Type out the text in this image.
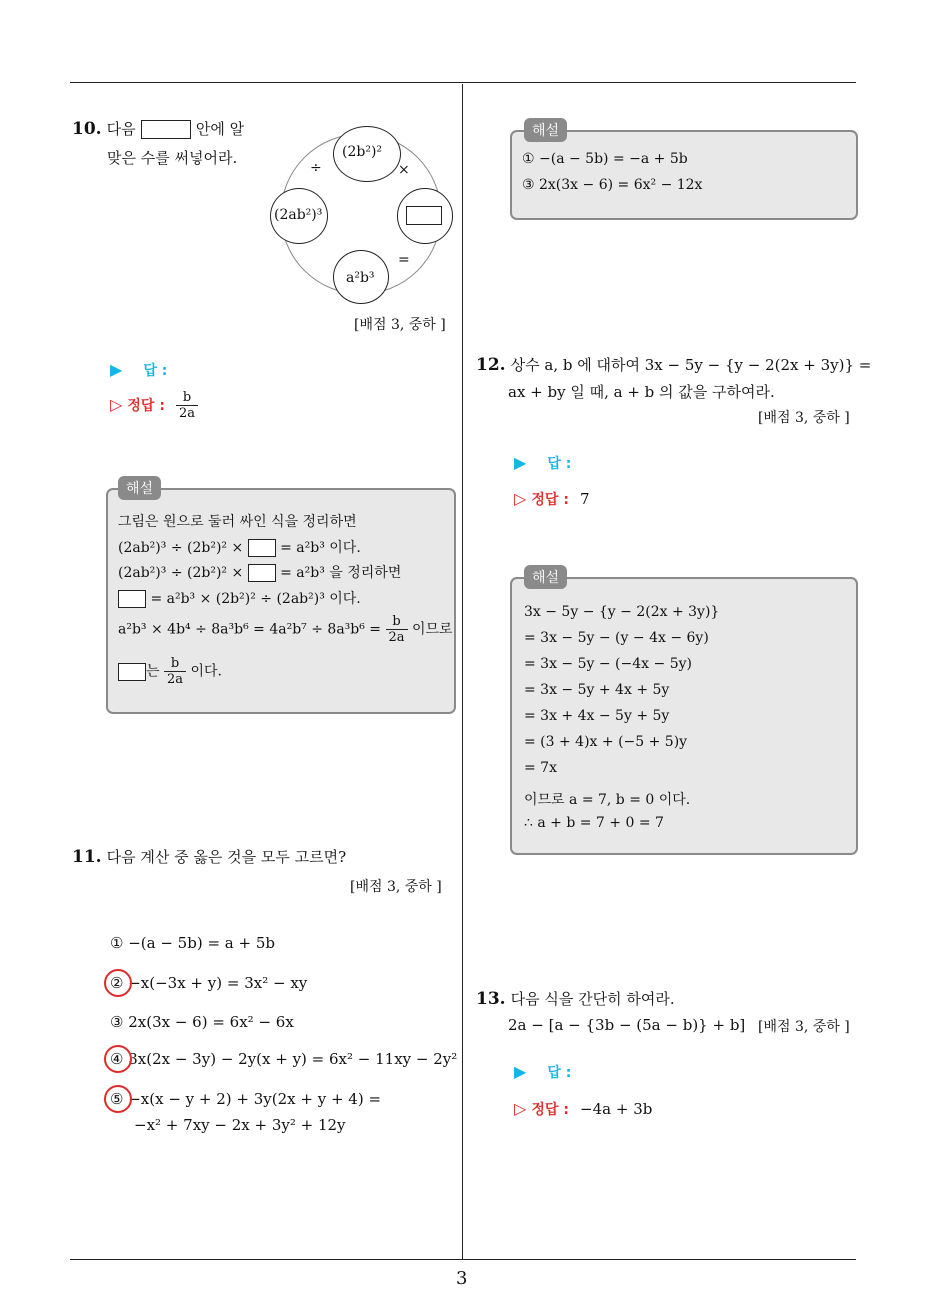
3
10. 다음	안에 알
맞은 수를 써넣어라.	(2b²)²
(2ab²)³
a²b³
÷	×
=
[배점 3, 중하 ]
▶ 답 :
▷ 정답 : $\frac{b}{2a}$
해설
그림은 원으로 둘러 싸인 식을 정리하면
(2ab²)³ ÷ (2b²)² ×	= a²b³ 이다.
(2ab²)³ ÷ (2b²)² ×	= a²b³ 을 정리하면
= a²b³ × (2b²)² ÷ (2ab²)³ 이다.
$a^2b^3 \times 4b^4 \div 8a^3b^6 = 4a^2b^7 \div 8a^3b^6 = \frac{b}{2a}$ 이므로
는 $\frac{b}{2a}$ 이다.
11. 다음 계산 중 옳은 것을 모두 고르면?
[배점 3, 중하 ]
① −(a − 5b) = a + 5b
② −x(−3x + y) = 3x² − xy
③ 2x(3x − 6) = 6x² − 6x
④ 3x(2x − 3y) − 2y(x + y) = 6x² − 11xy − 2y²
⑤ −x(x − y + 2) + 3y(2x + y + 4) =
−x² + 7xy − 2x + 3y² + 12y
해설
① −(a − 5b) = −a + 5b
③ 2x(3x − 6) = 6x² − 12x
12. 상수 a, b 에 대하여 3x − 5y − {y − 2(2x + 3y)} =
ax + by 일 때, a + b 의 값을 구하여라.
[배점 3, 중하 ]
▶ 답 :
▷ 정답 : 7
해설
3x − 5y − {y − 2(2x + 3y)}
= 3x − 5y − (y − 4x − 6y)
= 3x − 5y − (−4x − 5y)
= 3x − 5y + 4x + 5y
= 3x + 4x − 5y + 5y
= (3 + 4)x + (−5 + 5)y
= 7x
이므로 a = 7, b = 0 이다.
∴ a + b = 7 + 0 = 7
13. 다음 식을 간단히 하여라.
2a − [a − {3b − (5a − b)} + b] [배점 3, 중하 ]
▶ 답 :
▷ 정답 : −4a + 3b
